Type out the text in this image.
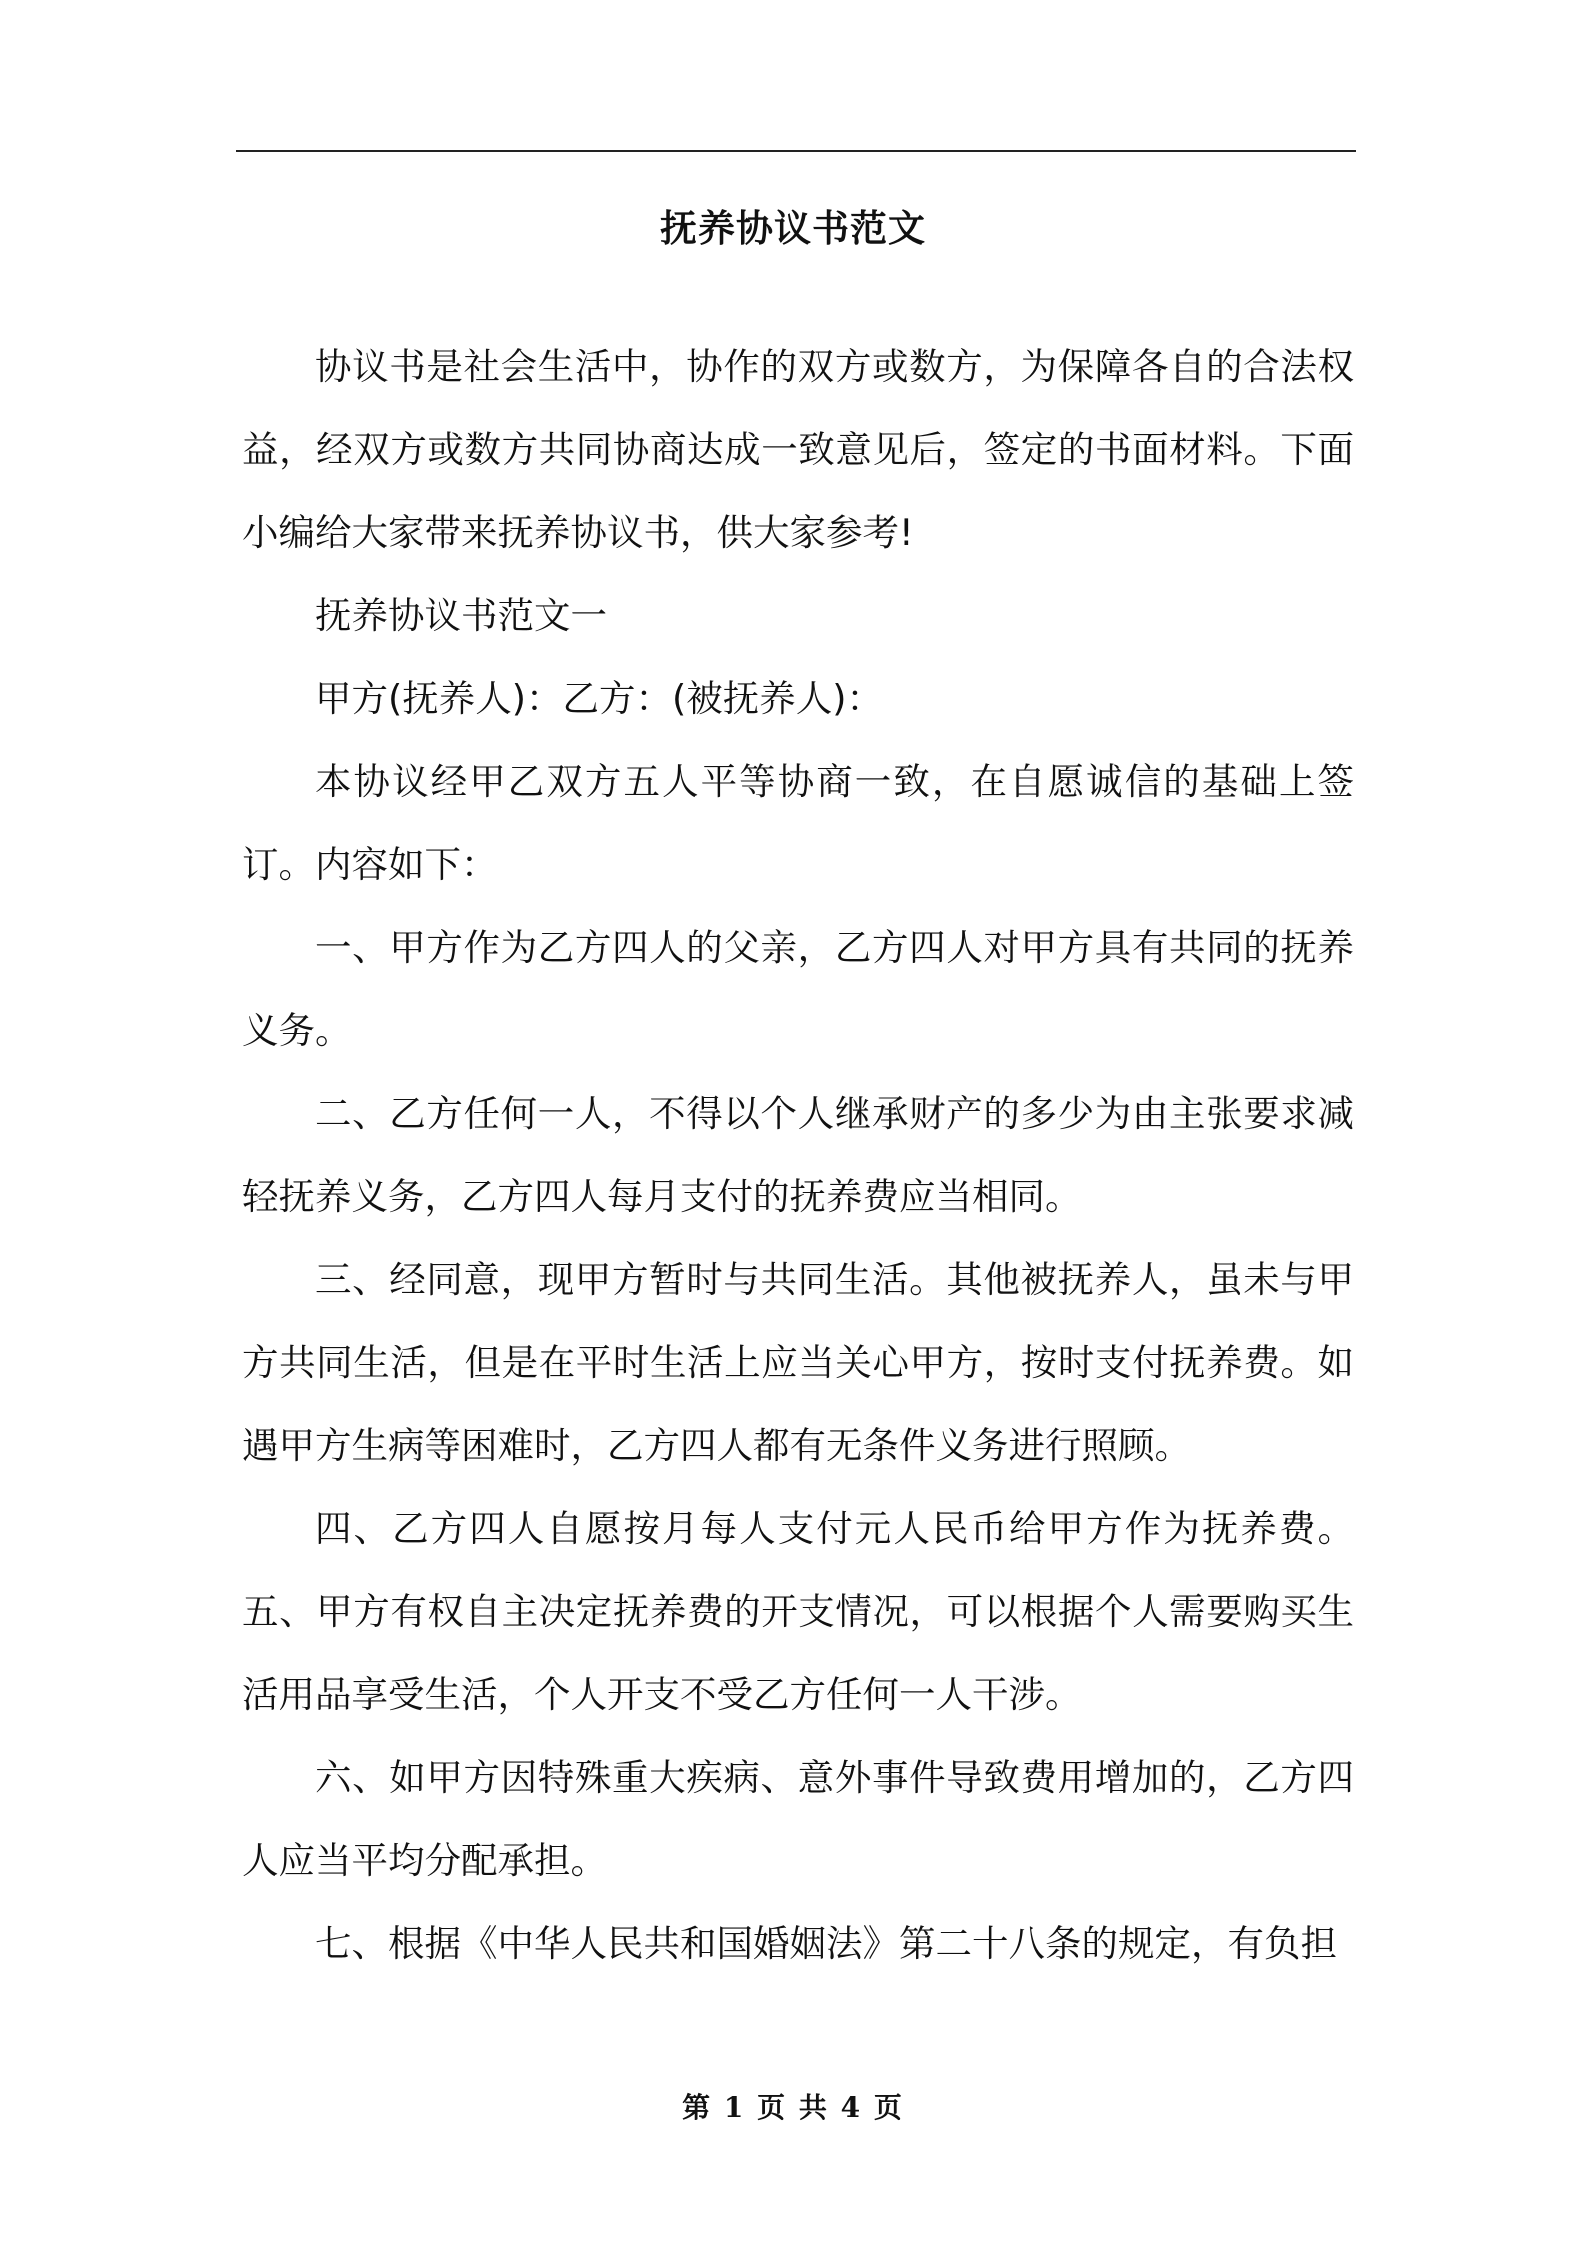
抚养协议书范文

协议书是社会生活中，协作的双方或数方，为保障各自的合法权益，经双方或数方共同协商达成一致意见后，签定的书面材料。下面小编给大家带来抚养协议书，供大家参考!

抚养协议书范文一

甲方(抚养人)：乙方：(被抚养人)：

本协议经甲乙双方五人平等协商一致，在自愿诚信的基础上签订。内容如下：

一、甲方作为乙方四人的父亲，乙方四人对甲方具有共同的抚养义务。

二、乙方任何一人，不得以个人继承财产的多少为由主张要求减轻抚养义务，乙方四人每月支付的抚养费应当相同。

三、经同意，现甲方暂时与共同生活。其他被抚养人，虽未与甲方共同生活，但是在平时生活上应当关心甲方，按时支付抚养费。如遇甲方生病等困难时，乙方四人都有无条件义务进行照顾。

四、乙方四人自愿按月每人支付元人民币给甲方作为抚养费。五、甲方有权自主决定抚养费的开支情况，可以根据个人需要购买生活用品享受生活，个人开支不受乙方任何一人干涉。

六、如甲方因特殊重大疾病、意外事件导致费用增加的，乙方四人应当平均分配承担。

七、根据《中华人民共和国婚姻法》第二十八条的规定，有负担

第 1 页 共 4 页
